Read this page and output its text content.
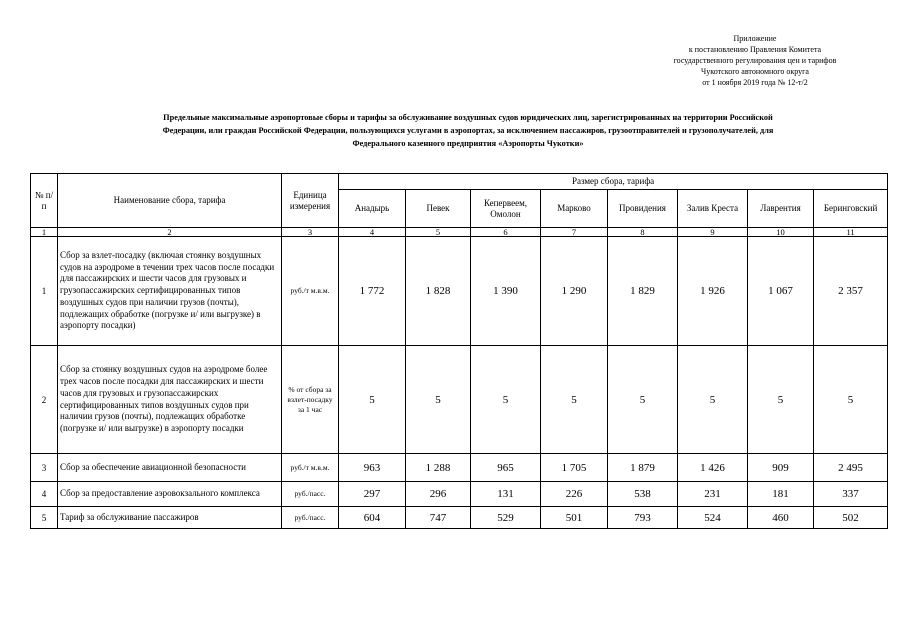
Приложение
к постановлению Правления Комитета
государственного регулирования цен и тарифов
Чукотского автономного округа
от 1 ноября 2019 года № 12-т/2
Предельные максимальные аэропортовые сборы и тарифы за обслуживание воздушных судов юридических лиц, зарегистрированных на территории Российской
Федерации, или граждан Российской Федерации, пользующихся услугами в аэропортах, за исключением пассажиров, грузоотправителей и грузополучателей, для
Федерального казенного предприятия «Аэропорты Чукотки»
№ п/п	Наименование сбора, тарифа	Единица измерения	Размер сбора, тарифа							
			Анадырь	Певек	Кепервеем, Омолон	Марково	Провидения	Залив Креста	Лаврентия	Беринговский
1	2	3	4	5	6	7	8	9	10	11
1	Сбор за взлет-посадку (включая стоянку воздушных судов на аэродроме в течении трех часов после посадки для пассажирских и шести часов для грузовых и грузопассажирских сертифицированных типов воздушных судов при наличии грузов (почты), подлежащих обработке (погрузке и/ или выгрузке) в аэропорту посадки)	руб./т м.в.м.	1 772	1 828	1 390	1 290	1 829	1 926	1 067	2 357
2	Сбор за стоянку воздушных судов на аэродроме более трех часов после посадки для пассажирских и шести часов для грузовых и грузопассажирских сертифицированных типов воздушных судов при наличии грузов (почты), подлежащих обработке (погрузке и/ или выгрузке) в аэропорту посадки	% от сбора за взлет-посадку за 1 час	5	5	5	5	5	5	5	5
3	Сбор за обеспечение авиационной безопасности	руб./т м.в.м.	963	1 288	965	1 705	1 879	1 426	909	2 495
4	Сбор за предоставление аэровокзального комплекса	руб./пасс.	297	296	131	226	538	231	181	337
5	Тариф за обслуживание пассажиров	руб./пасс.	604	747	529	501	793	524	460	502
